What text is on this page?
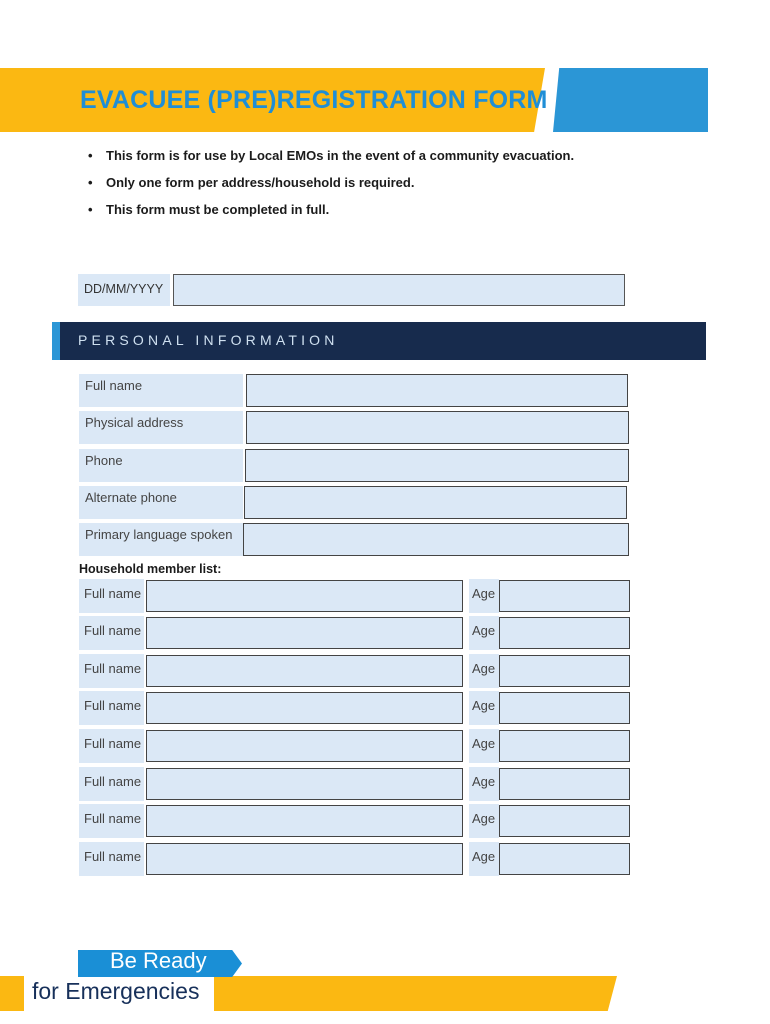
EVACUEE (PRE)REGISTRATION FORM
• This form is for use by Local EMOs in the event of a community evacuation.
• Only one form per address/household is required.
• This form must be completed in full.
DD/MM/YYYY
PERSONAL INFORMATION
Full name
Physical address
Phone
Alternate phone
Primary language spoken
Household member list:
Full name	Age
Full name	Age
Full name	Age
Full name	Age
Full name	Age
Full name	Age
Full name	Age
Full name	Age
Be Ready
for Emergencies
